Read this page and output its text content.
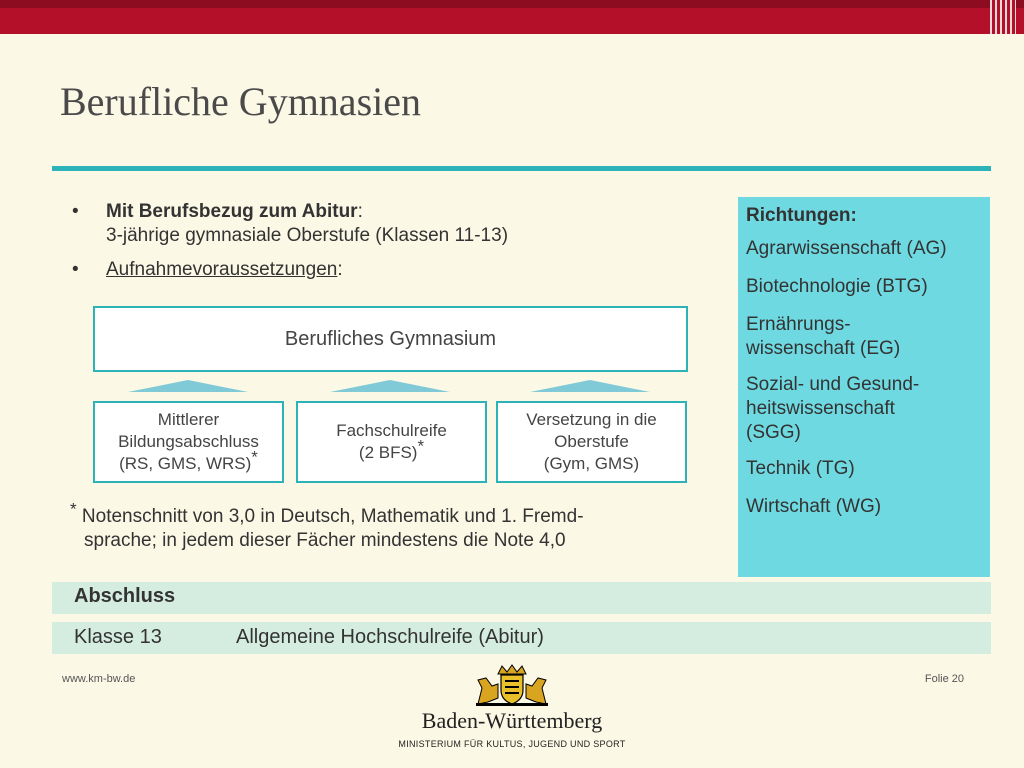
Berufliche Gymnasien
• Mit Berufsbezug zum Abitur:
3-jährige gymnasiale Oberstufe (Klassen 11-13)
• Aufnahmevoraussetzungen:
Berufliches Gymnasium
Mittlerer
Bildungsabschluss
(RS, GMS, WRS)*
Fachschulreife
(2 BFS)*
Versetzung in die
Oberstufe
(Gym, GMS)
* Notenschnitt von 3,0 in Deutsch, Mathematik und 1. Fremd-
sprache; in jedem dieser Fächer mindestens die Note 4,0
Richtungen:
Agrarwissenschaft (AG)
Biotechnologie (BTG)
Ernährungs-
wissenschaft (EG)
Sozial- und Gesund-
heitswissenschaft
(SGG)
Technik (TG)
Wirtschaft (WG)
Abschluss
Klasse 13	Allgemeine Hochschulreife (Abitur)
www.km-bw.de	Folie 20
Baden-Württemberg
MINISTERIUM FÜR KULTUS, JUGEND UND SPORT
